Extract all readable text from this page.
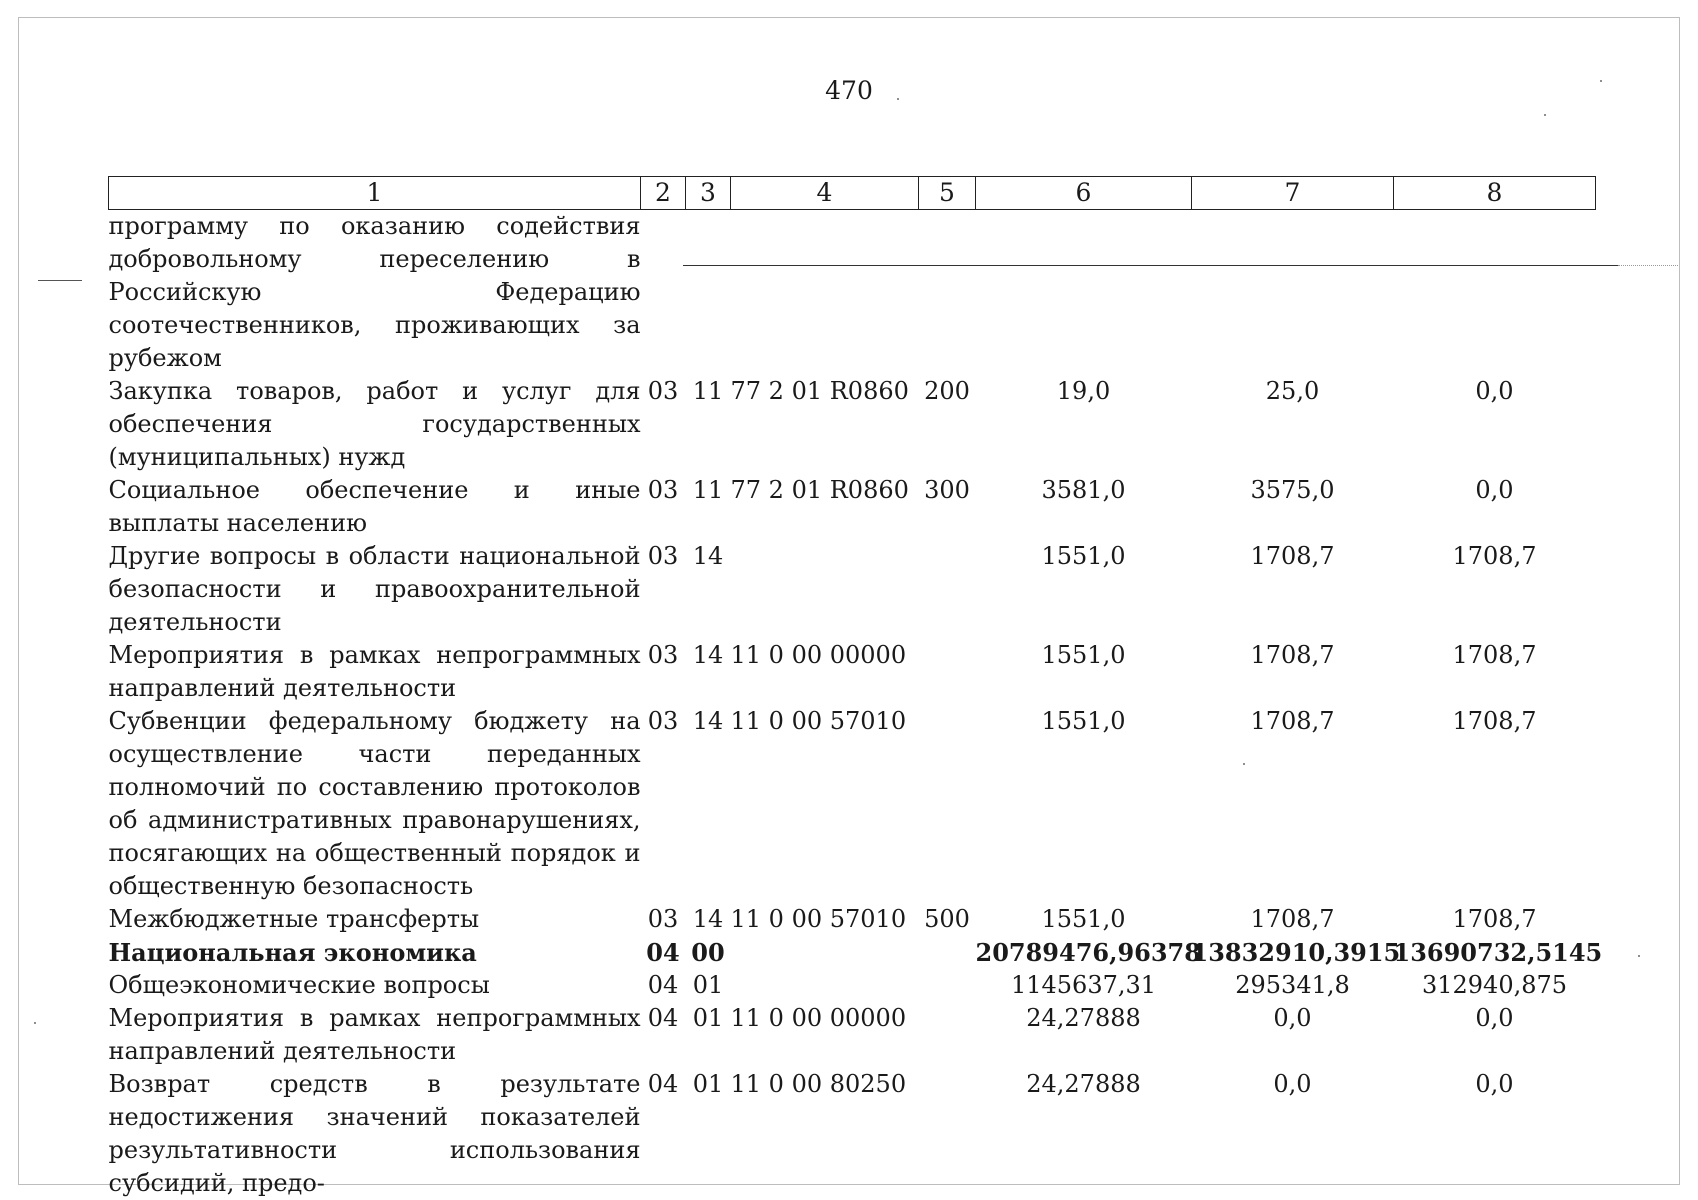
470
1	2	3	4	5	6	7	8
программу по оказанию содействия добровольному переселению в Российскую Федерацию соотечественников, проживающих за рубежом							
Закупка товаров, работ и услуг для обеспечения государственных (муниципальных) нужд	03	11	77 2 01 R0860	200	19,0	25,0	0,0
Социальное обеспечение и иные выплаты населению	03	11	77 2 01 R0860	300	3581,0	3575,0	0,0
Другие вопросы в области национальной безопасности и правоохранительной деятельности	03	14			1551,0	1708,7	1708,7
Мероприятия в рамках непрограммных направлений деятельности	03	14	11 0 00 00000		1551,0	1708,7	1708,7
Субвенции федеральному бюджету на осуществление части переданных полномочий по составлению протоколов об административных правонарушениях, посягающих на общественный порядок и общественную безопасность	03	14	11 0 00 57010		1551,0	1708,7	1708,7
Межбюджетные трансферты	03	14	11 0 00 57010	500	1551,0	1708,7	1708,7
Национальная экономика	04	00			20789476,96378	13832910,3915	13690732,5145
Общеэкономические вопросы	04	01			1145637,31	295341,8	312940,875
Мероприятия в рамках непрограммных направлений деятельности	04	01	11 0 00 00000		24,27888	0,0	0,0
Возврат средств в результате недостижения значений показателей результативности использования субсидий, предо-	04	01	11 0 00 80250		24,27888	0,0	0,0
